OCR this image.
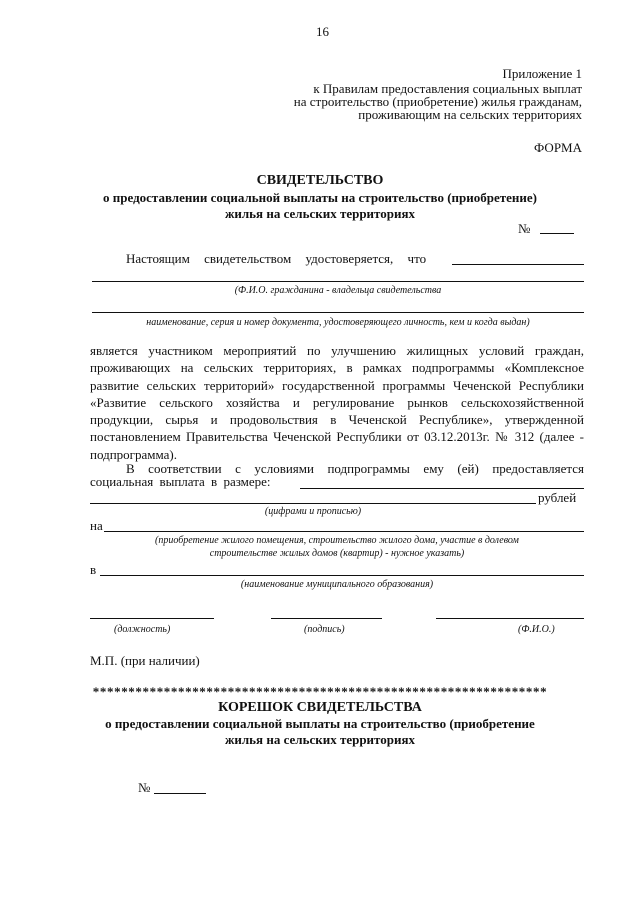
16
Приложение 1
к Правилам предоставления социальных выплат
на строительство (приобретение) жилья гражданам,
проживающим на сельских территориях
ФОРМА
СВИДЕТЕЛЬСТВО
о предоставлении социальной выплаты на строительство (приобретение)
жилья на сельских территориях
№
Настоящим свидетельством удостоверяется, что
(Ф.И.О. гражданина - владельца свидетельства
наименование, серия и номер документа, удостоверяющего личность, кем и когда выдан)
является участником мероприятий по улучшению жилищных условий граждан,
проживающих на сельских территориях, в рамках подпрограммы «Комплексное
развитие сельских территорий» государственной программы Чеченской Республики
«Развитие сельского хозяйства и регулирование рынков сельскохозяйственной
продукции, сырья и продовольствия в Чеченской Республике», утвержденной
постановлением Правительства Чеченской Республики от 03.12.2013г. № 312 (далее -
подпрограмма).
В соответствии с условиями подпрограммы ему (ей) предоставляется
социальная выплата в размере:
рублей
(цифрами и прописью)
на
(приобретение жилого помещения, строительство жилого дома, участие в долевом
строительстве жилых домов (квартир) - нужное указать)
в
(наименование муниципального образования)
(должность)	(подпись)	(Ф.И.О.)
М.П. (при наличии)
****************************************************************
КОРЕШОК СВИДЕТЕЛЬСТВА
о предоставлении социальной выплаты на строительство (приобретение
жилья на сельских территориях
№
